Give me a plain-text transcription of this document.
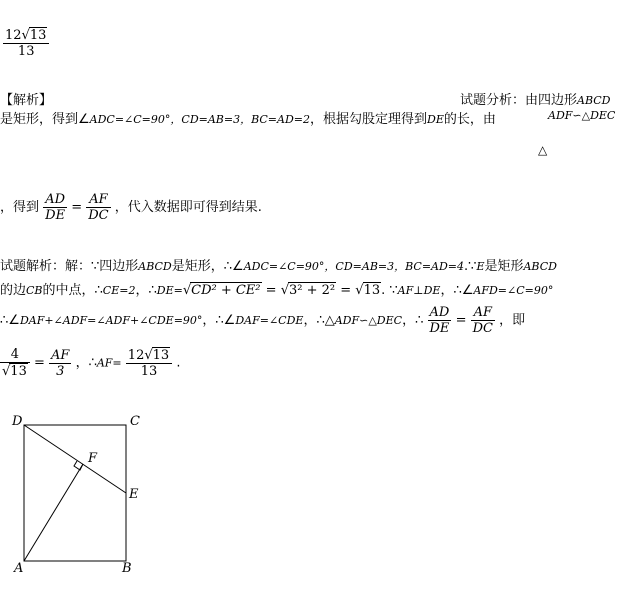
$\frac{12√13}{13}$
【解析】	试题分析：由四边形ABCD
是矩形，得到∠ADC=∠C=90°，CD=AB=3，BC=AD=2，根据勾股定理得到DE的长，由	ADF∽△DEC
△
，得到 $\frac{AD}{DE} = \frac{AF}{DC}$ ，代入数据即可得到结果.
试题解析：解：∵四边形ABCD是矩形，∴∠ADC=∠C=90°，CD=AB=3，BC=AD=4.∵E是矩形ABCD
的边CB的中点，∴CE=2，∴DE=√CD² + CE² = √3² + 2² = √13. ∵AF⊥DE，∴∠AFD=∠C=90°
∴∠DAF+∠ADF=∠ADF+∠CDE=90°，∴∠DAF=∠CDE，∴△ADF∽△DEC，∴ $\frac{AD}{DE} = \frac{AF}{DC}$ ，即
$\frac{4}{√13} = \frac{AF}{3}$ ，∴AF= $\frac{12√13}{13}$ .
D	C
F
E
A	B
